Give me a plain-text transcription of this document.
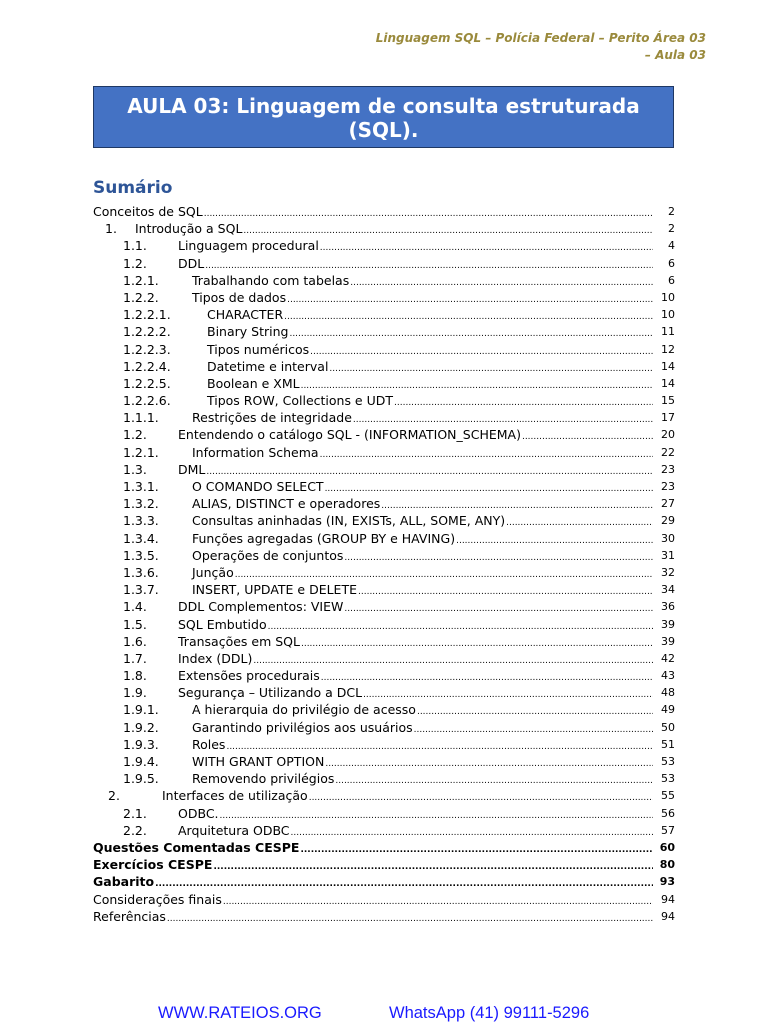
Linguagem SQL – Polícia Federal – Perito Área 03
– Aula 03
AULA 03: Linguagem de consulta estruturada
(SQL).
Sumário
Conceitos de SQL .....	2
1. Introdução a SQL .....	2
1.1. Linguagem procedural .....	4
1.2. DDL .....	6
1.2.1.	Trabalhando com tabelas .....	6
1.2.2.	Tipos de dados .....	10
1.2.2.1.	CHARACTER .....	10
1.2.2.2.	Binary String .....	11
1.2.2.3.	Tipos numéricos .....	12
1.2.2.4.	Datetime e interval .....	14
1.2.2.5.	Boolean e XML .....	14
1.2.2.6.	Tipos ROW, Collections e UDT .....	15
1.1.1.	Restrições de integridade .....	17
1.2. Entendendo o catálogo SQL - (INFORMATION_SCHEMA) .....	20
1.2.1.	Information Schema .....	22
1.3. DML .....	23
1.3.1.	O COMANDO SELECT .....	23
1.3.2.	ALIAS, DISTINCT e operadores .....	27
1.3.3.	Consultas aninhadas (IN, EXISTs, ALL, SOME, ANY) .....	29
1.3.4.	Funções agregadas (GROUP BY e HAVING) .....	30
1.3.5.	Operações de conjuntos .....	31
1.3.6.	Junção .....	32
1.3.7.	INSERT, UPDATE e DELETE .....	34
1.4. DDL Complementos: VIEW .....	36
1.5. SQL Embutido .....	39
1.6. Transações em SQL .....	39
1.7. Index (DDL) .....	42
1.8. Extensões procedurais .....	43
1.9. Segurança – Utilizando a DCL .....	48
1.9.1.	A hierarquia do privilégio de acesso .....	49
1.9.2.	Garantindo privilégios aos usuários .....	50
1.9.3.	Roles .....	51
1.9.4.	WITH GRANT OPTION .....	53
1.9.5.	Removendo privilégios .....	53
2.	Interfaces de utilização .....	55
2.1. ODBC. .....	56
2.2. Arquitetura ODBC .....	57
Questões Comentadas CESPE .....	60
Exercícios CESPE .....	80
Gabarito .....	93
Considerações finais .....	94
Referências .....	94
WWW.RATEIOS.ORG	WhatsApp (41) 99111-5296
